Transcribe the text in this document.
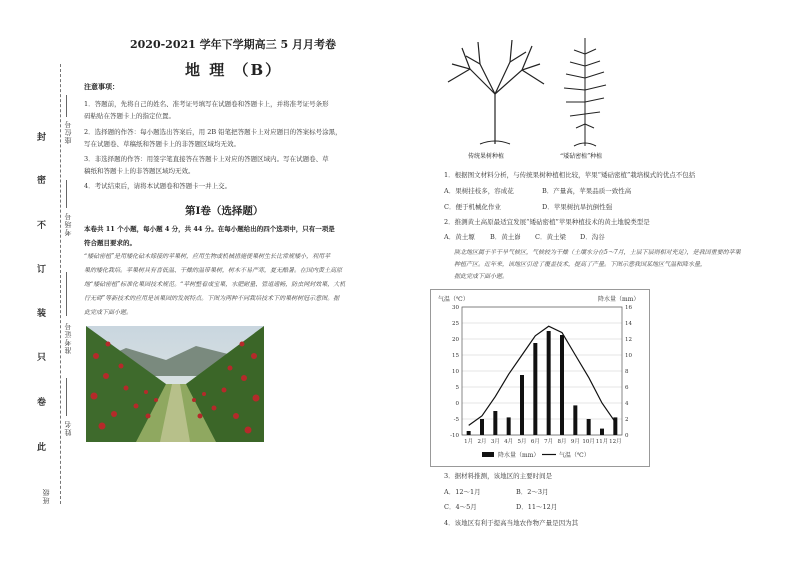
封
密
不
订
装
只
卷
此
座位号
考场号
准考证号
姓名
班级
2020-2021 学年下学期高三 5 月月考卷
地 理 （B）
注意事项：
1．答题前，先将自己的姓名、准考证号填写在试题卷和答题卡上，并将准考证号条形
码粘贴在答题卡上的指定位置。
2．选择题的作答：每小题选出答案后，用 2B 铅笔把答题卡上对应题目的答案标号涂黑，
写在试题卷、草稿纸和答题卡上的非答题区域均无效。
3．非选择题的作答：用签字笔直接答在答题卡上对应的答题区域内。写在试题卷、草
稿纸和答题卡上的非答题区域均无效。
4．考试结束后，请将本试题卷和答题卡一并上交。
第Ⅰ卷（选择题）
本卷共 11 个小题，每小题 4 分，共 44 分。在每小题给出的四个选项中，只有一项是
符合题目要求的。
“矮砧密植”是用矮化砧木嫁接的苹果树，应用生物或机械措施使果树生长比常规矮小，利用苹
果的矮化栽培。苹果树具有喜低温、干燥的温带果树，树木不易严寒，夏无酷暑。在国内黄土高原
地“矮砧密植”标准化果园技术规范。“苹树整看成宝果，水肥耐量、管道通畅，防虫网封效果，大机
行无碍”等新技术的应用是该果园的发展特点。下图为两种不同栽培技术下的果树树冠示意图。据
此完成下面小题。
传统果树种植	“矮砧密植”种植
1．根据图文材料分析，与传统果树种植相比较，苹果“矮砧密植”栽培模式的优点不包括
A．果树挂枝多，容成花	B．产量高，苹果品质一致性高
C．便于机械化作业	D．苹果树抗旱抗倒性强
2．推测黄土高原最适宜发展“矮砧密植”苹果种植技术的黄土地貌类型是
A．黄土塬 B．黄土峁 C．黄土梁 D．沟谷
陕北地区属于半干旱气候区，气候较为干燥（土壤水分在5～7月，土层下层则相对充足），是我国重要的苹果
种植产区。近年来，该地区引进了覆盖技术，提高了产量。下图示意我国某地区气温和降水量，
据此完成下面小题。
气温（℃）	降水量（mm）
-10
-5
0
5
10
15
20
25
30
0
2
4
6
8
10
12
14
16
1月 2月 3月 4月 5月 6月 7月 8月 9月 10月 11月 12月
降水量（mm）	气温（℃）
3．据材料推测，该地区的主要时间是
A．12～1月	B．2～3月
C．4～5月	D．11～12月
4．该地区有利于提高当地农作物产量是因为其
